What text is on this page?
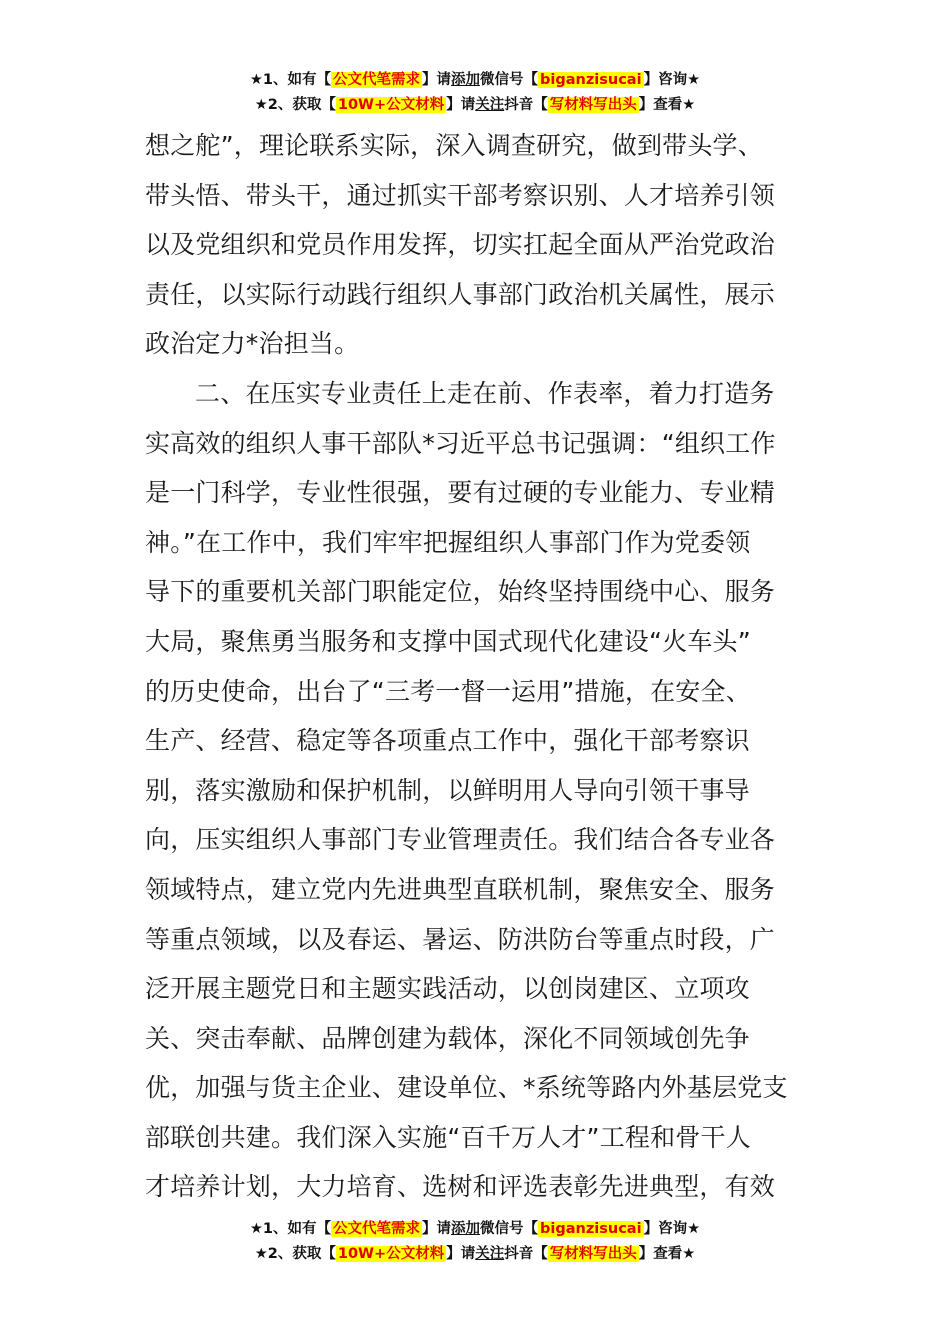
★1、如有【 公文代笔需求 】请添加微信号【 biganzisucai 】咨询★
★2、获取【 10W+公文材料 】请关注抖音【 写材料写出头 】查看★
想之舵”，理论联系实际，深入调查研究，做到带头学、
带头悟、带头干，通过抓实干部考察识别、人才培养引领
以及党组织和党员作用发挥，切实扛起全面从严治党政治
责任，以实际行动践行组织人事部门政治机关属性，展示
政治定力*治担当。
二、在压实专业责任上走在前、作表率，着力打造务
实高效的组织人事干部队*习近平总书记强调：“组织工作
是一门科学，专业性很强，要有过硬的专业能力、专业精
神。”在工作中，我们牢牢把握组织人事部门作为党委领
导下的重要机关部门职能定位，始终坚持围绕中心、服务
大局，聚焦勇当服务和支撑中国式现代化建设“火车头”
的历史使命，出台了“三考一督一运用”措施，在安全、
生产、经营、稳定等各项重点工作中，强化干部考察识
别，落实激励和保护机制，以鲜明用人导向引领干事导
向，压实组织人事部门专业管理责任。我们结合各专业各
领域特点，建立党内先进典型直联机制，聚焦安全、服务
等重点领域，以及春运、暑运、防洪防台等重点时段，广
泛开展主题党日和主题实践活动，以创岗建区、立项攻
关、突击奉献、品牌创建为载体，深化不同领域创先争
优，加强与货主企业、建设单位、*系统等路内外基层党支
部联创共建。我们深入实施“百千万人才”工程和骨干人
才培养计划，大力培育、选树和评选表彰先进典型，有效
★1、如有【 公文代笔需求 】请添加微信号【 biganzisucai 】咨询★
★2、获取【 10W+公文材料 】请关注抖音【 写材料写出头 】查看★
